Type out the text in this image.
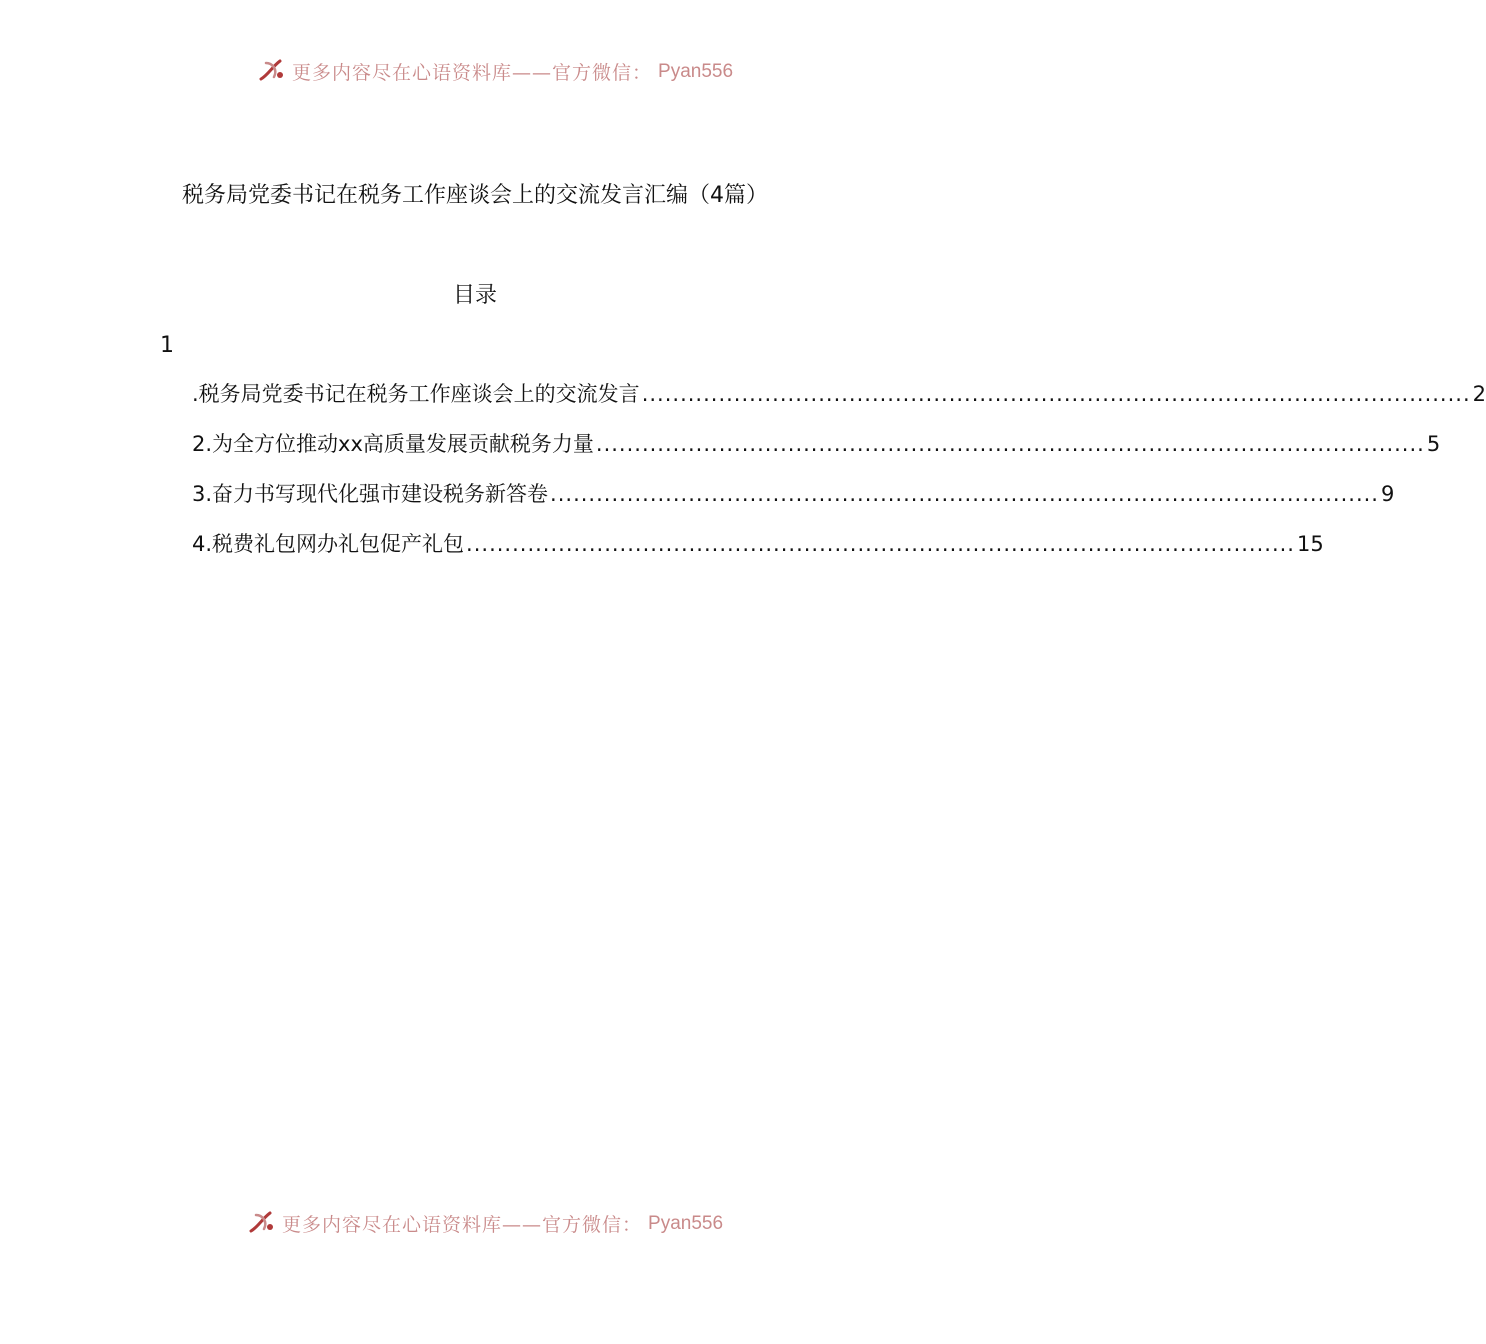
更多内容尽在心语资料库——官方微信： Pyan556
税务局党委书记在税务工作座谈会上的交流发言汇编（4篇）
目录
1
.税务局党委书记在税务工作座谈会上的交流发言 ............................................................................................................ 2
2.为全方位推动xx高质量发展贡献税务力量 ............................................................................................................ 5
3.奋力书写现代化强市建设税务新答卷 ............................................................................................................ 9
4.税费礼包网办礼包促产礼包 ............................................................................................................ 15
更多内容尽在心语资料库——官方微信： Pyan556
